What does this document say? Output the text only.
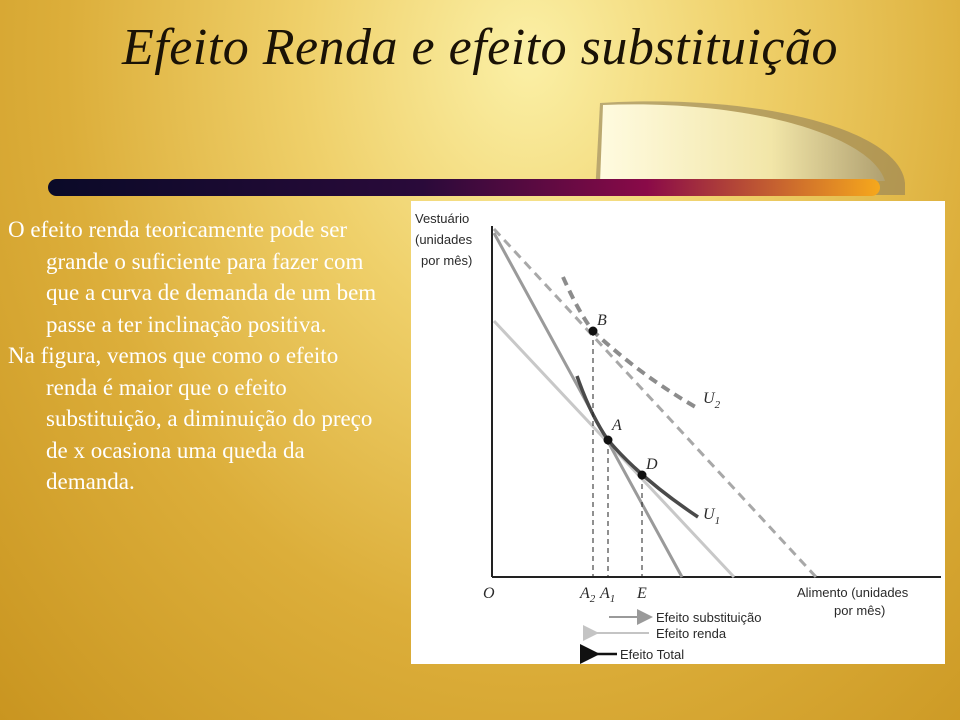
Efeito Renda e efeito substituição

O efeito renda teoricamente pode ser grande o suficiente para fazer com que a curva de demanda de um bem passe a ter inclinação positiva.

Na figura, vemos que como o efeito renda é maior que o efeito substituição, a diminuição do preço de x ocasiona uma queda da demanda.

Vestuário
(unidades
por mês)
Alimento (unidades
por mês)
O
$U_2$
$U_1$
B
A
D
$A_2$ $A_1$ E
Efeito substituição
Efeito renda
Efeito Total
